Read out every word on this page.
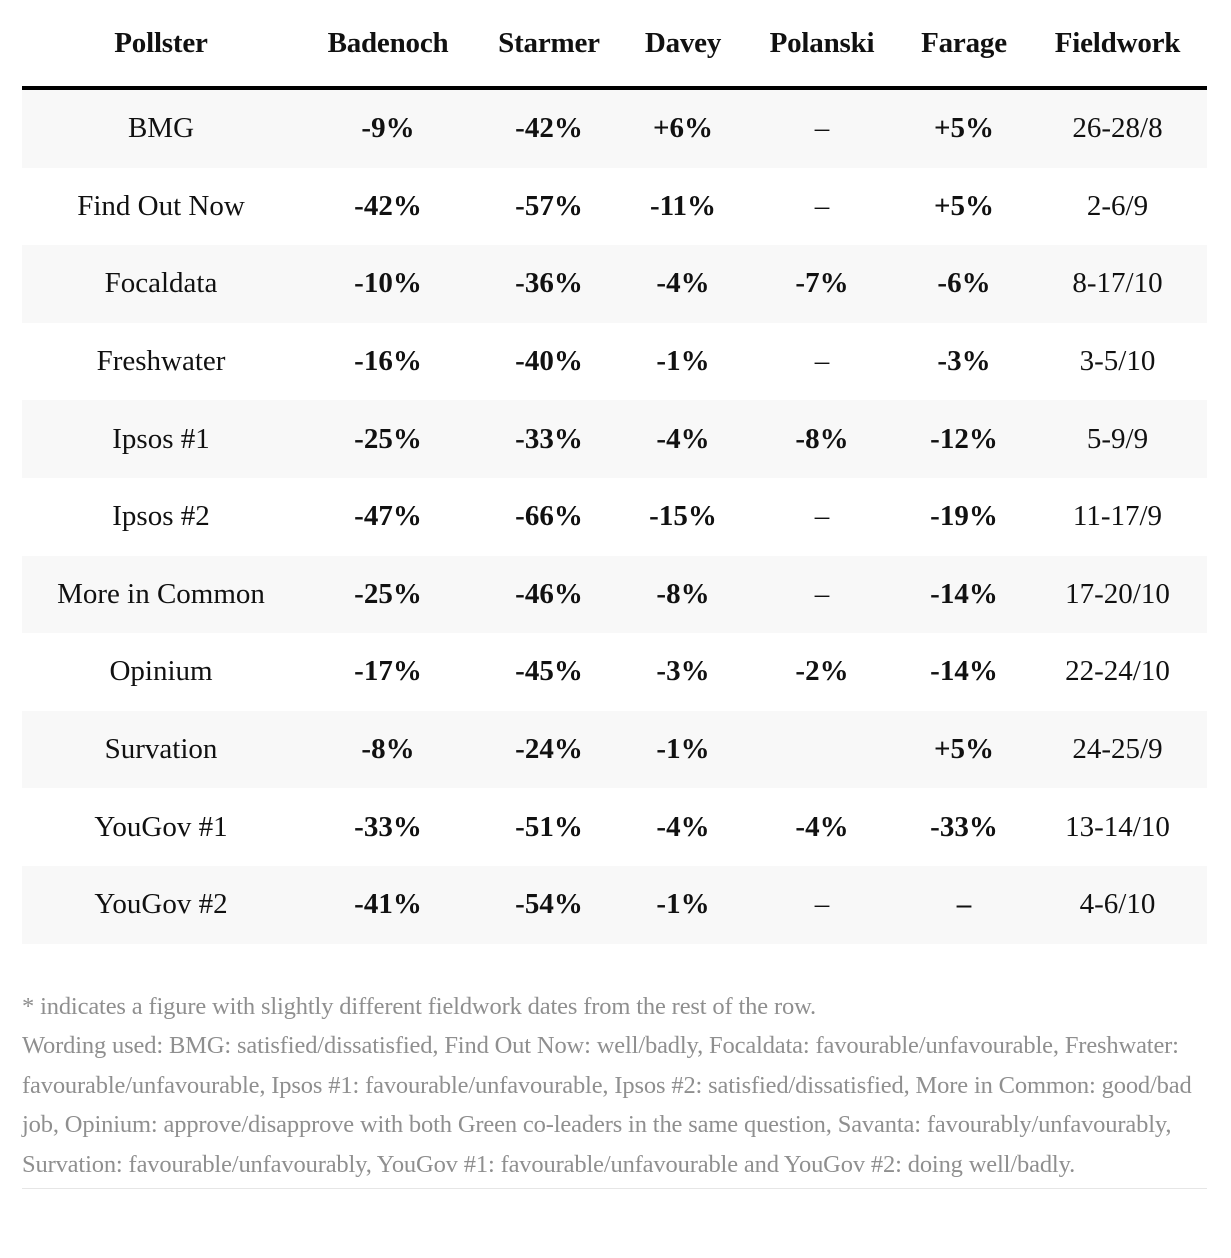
Pollster	Badenoch	Starmer	Davey	Polanski	Farage	Fieldwork
BMG	-9%	-42%	+6%	–	+5%	26-28/8
Find Out Now	-42%	-57%	-11%	–	+5%	2-6/9
Focaldata	-10%	-36%	-4%	-7%	-6%	8-17/10
Freshwater	-16%	-40%	-1%	–	-3%	3-5/10
Ipsos #1	-25%	-33%	-4%	-8%	-12%	5-9/9
Ipsos #2	-47%	-66%	-15%	–	-19%	11-17/9
More in Common	-25%	-46%	-8%	–	-14%	17-20/10
Opinium	-17%	-45%	-3%	-2%	-14%	22-24/10
Survation	-8%	-24%	-1%		+5%	24-25/9
YouGov #1	-33%	-51%	-4%	-4%	-33%	13-14/10
YouGov #2	-41%	-54%	-1%	–	–	4-6/10

* indicates a figure with slightly different fieldwork dates from the rest of the row.

Wording used: BMG: satisfied/dissatisfied, Find Out Now: well/badly, Focaldata: favourable/unfavourable, Freshwater: favourable/unfavourable, Ipsos #1: favourable/unfavourable, Ipsos #2: satisfied/dissatisfied, More in Common: good/bad job, Opinium: approve/disapprove with both Green co-leaders in the same question, Savanta: favourably/unfavourably, Survation: favourable/unfavourably, YouGov #1: favourable/unfavourable and YouGov #2: doing well/badly.
